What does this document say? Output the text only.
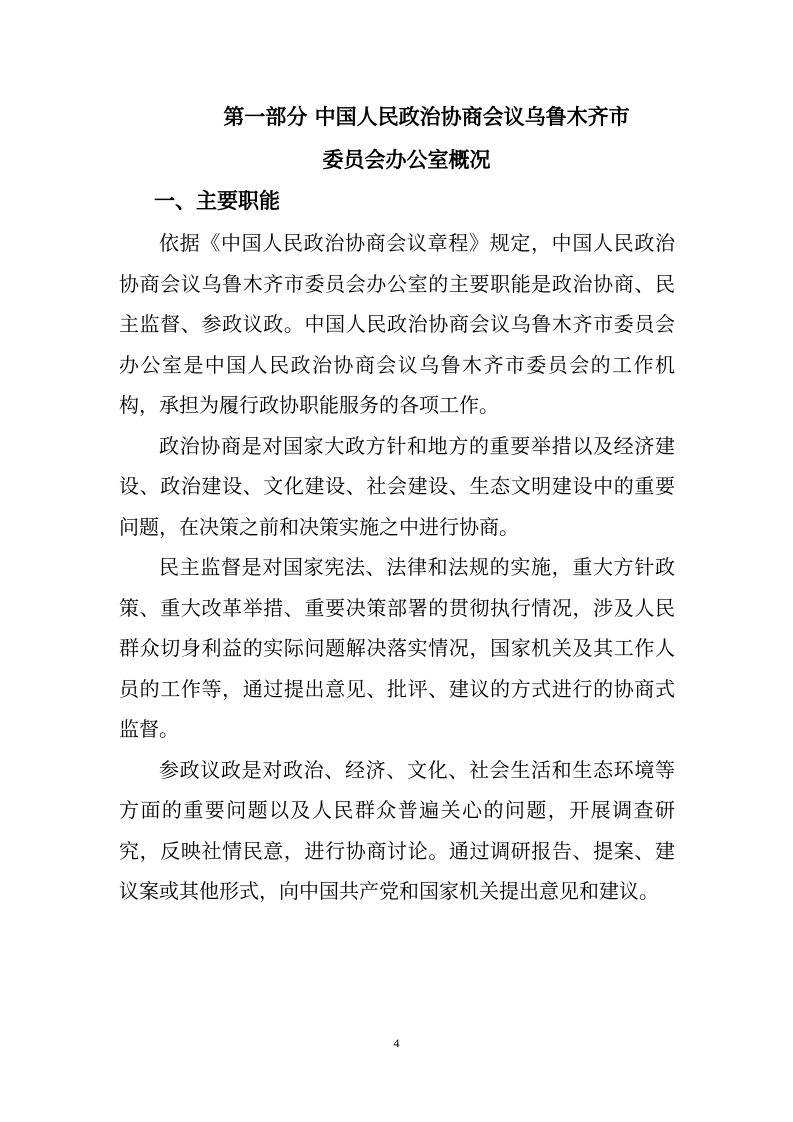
第一部分 中国人民政治协商会议乌鲁木齐市
委员会办公室概况
一、主要职能

依据《中国人民政治协商会议章程》规定，中国人民政治协商会议乌鲁木齐市委员会办公室的主要职能是政治协商、民主监督、参政议政。中国人民政治协商会议乌鲁木齐市委员会办公室是中国人民政治协商会议乌鲁木齐市委员会的工作机构，承担为履行政协职能服务的各项工作。

政治协商是对国家大政方针和地方的重要举措以及经济建设、政治建设、文化建设、社会建设、生态文明建设中的重要问题，在决策之前和决策实施之中进行协商。

民主监督是对国家宪法、法律和法规的实施，重大方针政策、重大改革举措、重要决策部署的贯彻执行情况，涉及人民群众切身利益的实际问题解决落实情况，国家机关及其工作人员的工作等，通过提出意见、批评、建议的方式进行的协商式监督。

参政议政是对政治、经济、文化、社会生活和生态环境等方面的重要问题以及人民群众普遍关心的问题，开展调查研究，反映社情民意，进行协商讨论。通过调研报告、提案、建议案或其他形式，向中国共产党和国家机关提出意见和建议。

4
